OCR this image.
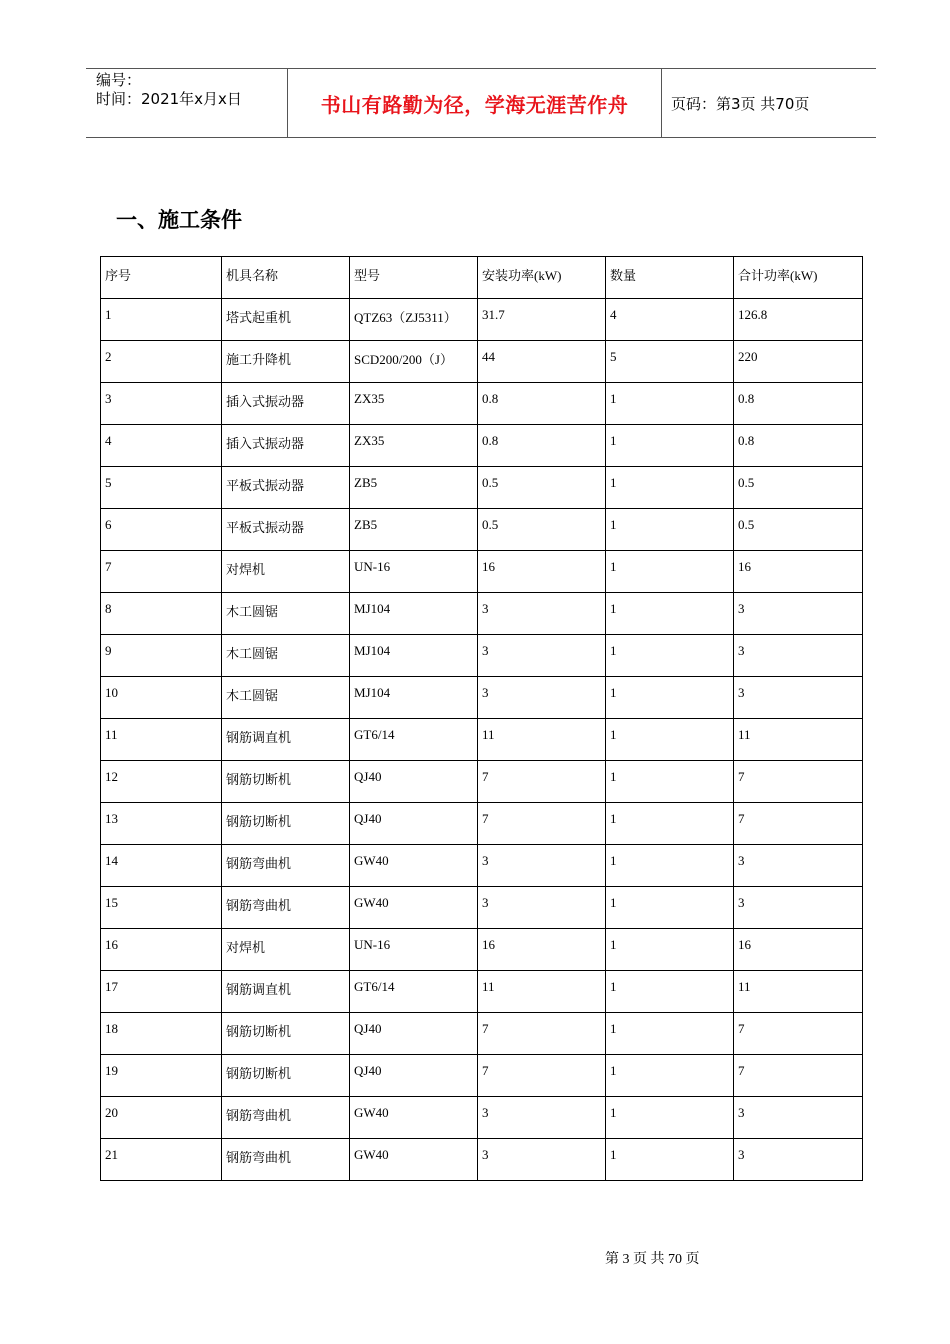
编号：
时间：2021年x月x日	书山有路勤为径，学海无涯苦作舟	页码：第3页 共70页
一、施工条件
序号	机具名称	型号	安装功率(kW)	数量	合计功率(kW)
1	塔式起重机	QTZ63（ZJ5311）	31.7	4	126.8
2	施工升降机	SCD200/200（J）	44	5	220
3	插入式振动器	ZX35	0.8	1	0.8
4	插入式振动器	ZX35	0.8	1	0.8
5	平板式振动器	ZB5	0.5	1	0.5
6	平板式振动器	ZB5	0.5	1	0.5
7	对焊机	UN-16	16	1	16
8	木工圆锯	MJ104	3	1	3
9	木工圆锯	MJ104	3	1	3
10	木工圆锯	MJ104	3	1	3
11	钢筋调直机	GT6/14	11	1	11
12	钢筋切断机	QJ40	7	1	7
13	钢筋切断机	QJ40	7	1	7
14	钢筋弯曲机	GW40	3	1	3
15	钢筋弯曲机	GW40	3	1	3
16	对焊机	UN-16	16	1	16
17	钢筋调直机	GT6/14	11	1	11
18	钢筋切断机	QJ40	7	1	7
19	钢筋切断机	QJ40	7	1	7
20	钢筋弯曲机	GW40	3	1	3
21	钢筋弯曲机	GW40	3	1	3
第 3 页 共 70 页
